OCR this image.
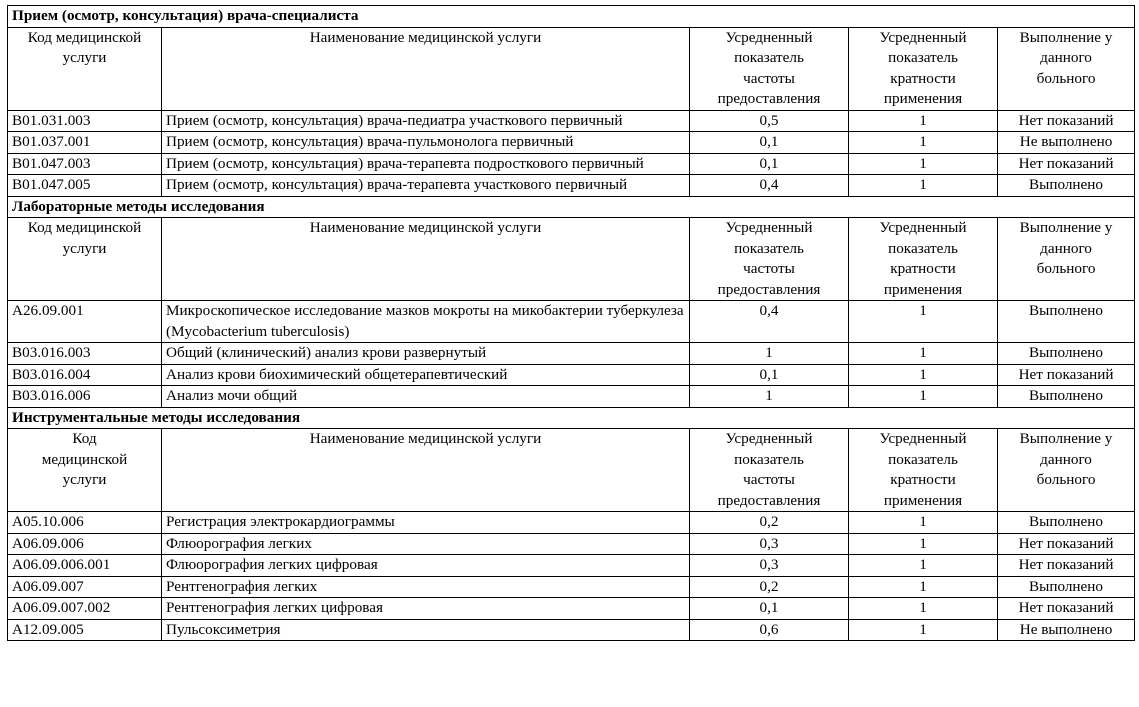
Прием (осмотр, консультация) врача-специалиста				
Код медицинской
услуги	Наименование медицинской услуги	Усредненный
показатель
частоты
предоставления	Усредненный
показатель
кратности
применения	Выполнение у
данного
больного
B01.031.003	Прием (осмотр, консультация) врача-педиатра участкового первичный	0,5	1	Нет показаний
B01.037.001	Прием (осмотр, консультация) врача-пульмонолога первичный	0,1	1	Не выполнено
B01.047.003	Прием (осмотр, консультация) врача-терапевта подросткового первичный	0,1	1	Нет показаний
B01.047.005	Прием (осмотр, консультация) врача-терапевта участкового первичный	0,4	1	Выполнено
Лабораторные методы исследования				
Код медицинской
услуги	Наименование медицинской услуги	Усредненный
показатель
частоты
предоставления	Усредненный
показатель
кратности
применения	Выполнение у
данного
больного
A26.09.001	Микроскопическое исследование мазков мокроты на микобактерии туберкулеза (Mycobacterium tuberculosis)	0,4	1	Выполнено
B03.016.003	Общий (клинический) анализ крови развернутый	1	1	Выполнено
B03.016.004	Анализ крови биохимический общетерапевтический	0,1	1	Нет показаний
B03.016.006	Анализ мочи общий	1	1	Выполнено
Инструментальные методы исследования				
Код
медицинской
услуги	Наименование медицинской услуги	Усредненный
показатель
частоты
предоставления	Усредненный
показатель
кратности
применения	Выполнение у
данного
больного
A05.10.006	Регистрация электрокардиограммы	0,2	1	Выполнено
A06.09.006	Флюорография легких	0,3	1	Нет показаний
A06.09.006.001	Флюорография легких цифровая	0,3	1	Нет показаний
A06.09.007	Рентгенография легких	0,2	1	Выполнено
A06.09.007.002	Рентгенография легких цифровая	0,1	1	Нет показаний
A12.09.005	Пульсоксиметрия	0,6	1	Не выполнено
